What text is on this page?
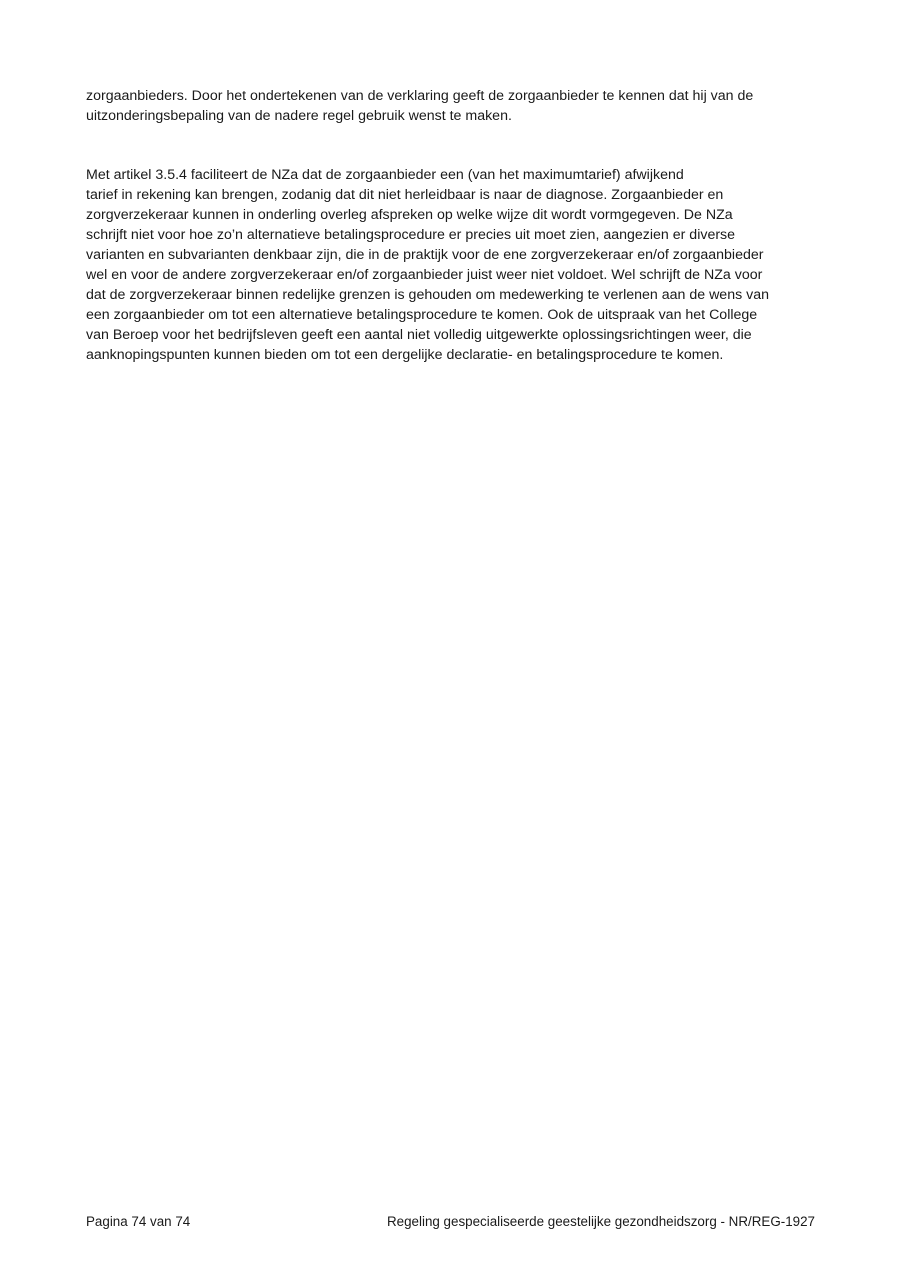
zorgaanbieders. Door het ondertekenen van de verklaring geeft de zorgaanbieder te kennen dat hij van de
uitzonderingsbepaling van de nadere regel gebruik wenst te maken.

Met artikel 3.5.4 faciliteert de NZa dat de zorgaanbieder een (van het maximumtarief) afwijkend
tarief in rekening kan brengen, zodanig dat dit niet herleidbaar is naar de diagnose. Zorgaanbieder en
zorgverzekeraar kunnen in onderling overleg afspreken op welke wijze dit wordt vormgegeven. De NZa
schrijft niet voor hoe zo’n alternatieve betalingsprocedure er precies uit moet zien, aangezien er diverse
varianten en subvarianten denkbaar zijn, die in de praktijk voor de ene zorgverzekeraar en/of zorgaanbieder
wel en voor de andere zorgverzekeraar en/of zorgaanbieder juist weer niet voldoet. Wel schrijft de NZa voor
dat de zorgverzekeraar binnen redelijke grenzen is gehouden om medewerking te verlenen aan de wens van
een zorgaanbieder om tot een alternatieve betalingsprocedure te komen. Ook de uitspraak van het College
van Beroep voor het bedrijfsleven geeft een aantal niet volledig uitgewerkte oplossingsrichtingen weer, die
aanknopingspunten kunnen bieden om tot een dergelijke declaratie- en betalingsprocedure te komen.

Pagina 74 van 74	Regeling gespecialiseerde geestelijke gezondheidszorg - NR/REG-1927
